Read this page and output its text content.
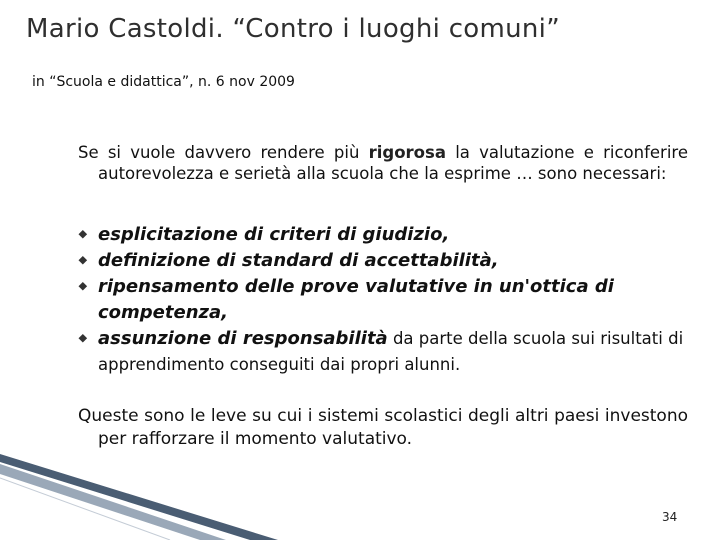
Mario Castoldi. “Contro i luoghi comuni”

in “Scuola e didattica”, n. 6 nov 2009

Se si vuole davvero rendere più rigorosa la valutazione e riconferire autorevolezza e serietà alla scuola che la esprime … sono necessari:

⯁ esplicitazione di criteri di giudizio,
⯁ definizione di standard di accettabilità,
⯁ ripensamento delle prove valutative in un'ottica di competenza,
⯁ assunzione di responsabilità da parte della scuola sui risultati di apprendimento conseguiti dai propri alunni.

Queste sono le leve su cui i sistemi scolastici degli altri paesi investono per rafforzare il momento valutativo.

34
